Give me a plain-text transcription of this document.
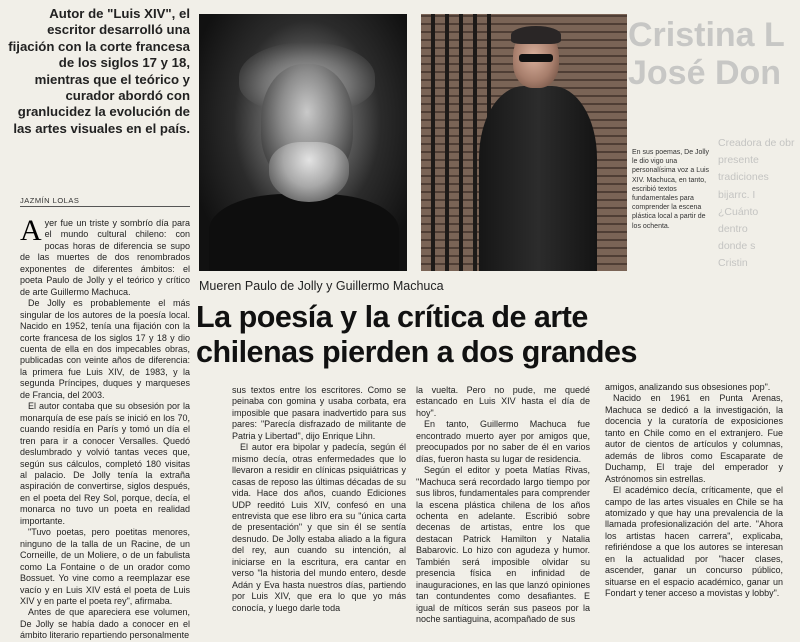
Cristina L
José Don
Creadora de obr
presente
tradiciones
bijarrc. I
¿Cuánto
dentro
donde s
Cristin
Autor de "Luis XIV", el escritor desarrolló una fijación con la corte francesa de los siglos 17 y 18, mientras que el teórico y curador abordó con granlucidez la evolución de las artes visuales en el país.
JAZMÍN LOLAS
En sus poemas, De Jolly le dio vigo una personalísima voz a Luis XIV. Machuca, en tanto, escribió textos fundamentales para comprender la escena plástica local a partir de los ochenta.
Mueren Paulo de Jolly y Guillermo Machuca
La poesía y la crítica de arte chilenas pierden a dos grandes

Ayer fue un triste y sombrío día para el mundo cultural chileno: con pocas horas de diferencia se supo de las muertes de dos renombrados exponentes de diferentes ámbitos: el poeta Paulo de Jolly y el teórico y crítico de arte Guillermo Machuca.

De Jolly es probablemente el más singular de los autores de la poesía local. Nacido en 1952, tenía una fijación con la corte francesa de los siglos 17 y 18 y dio cuenta de ella en dos impecables obras, publicadas con veinte años de diferencia: la primera fue Luis XIV, de 1983, y la segunda Príncipes, duques y marqueses de Francia, del 2003.

El autor contaba que su obsesión por la monarquía de ese país se inició en los 70, cuando residía en París y tomó un día el tren para ir a conocer Versalles. Quedó deslumbrado y volvió tantas veces que, según sus cálculos, completó 180 visitas al palacio. De Jolly tenía la extraña aspiración de convertirse, siglos después, en el poeta del Rey Sol, porque, decía, el monarca no tuvo un poeta en realidad importante.

"Tuvo poetas, pero poetitas menores, ninguno de la talla de un Racine, de un Corneille, de un Moliere, o de un fabulista como La Fontaine o de un orador como Bossuet. Yo vine como a reemplazar ese vacío y en Luis XIV está el poeta de Luis XIV y en parte el poeta rey", afirmaba.

Antes de que apareciera ese volumen, De Jolly se había dado a conocer en el ámbito literario repartiendo personalmente

sus textos entre los escritores. Como se peinaba con gomina y usaba corbata, era imposible que pasara inadvertido para sus pares: "Parecía disfrazado de militante de Patria y Libertad", dijo Enrique Lihn.

El autor era bipolar y padecía, según él mismo decía, otras enfermedades que lo llevaron a residir en clínicas psiquiátricas y casas de reposo las últimas décadas de su vida. Hace dos años, cuando Ediciones UDP reeditó Luis XIV, confesó en una entrevista que ese libro era su "única carta de presentación" y que sin él se sentía desnudo. De Jolly estaba aliado a la figura del rey, aun cuando su intención, al iniciarse en la escritura, era cantar en verso "la historia del mundo entero, desde Adán y Eva hasta nuestros días, partiendo por Luis XIV, que era lo que yo más conocía, y luego darle toda

la vuelta. Pero no pude, me quedé estancado en Luis XIV hasta el día de hoy".

En tanto, Guillermo Machuca fue encontrado muerto ayer por amigos que, preocupados por no saber de él en varios días, fueron hasta su lugar de residencia.

Según el editor y poeta Matías Rivas, "Machuca será recordado largo tiempo por sus libros, fundamentales para comprender la escena plástica chilena de los años ochenta en adelante. Escribió sobre decenas de artistas, entre los que destacan Patrick Hamilton y Natalia Babarovic. Lo hizo con agudeza y humor. También será imposible olvidar su presencia física en infinidad de inauguraciones, en las que lanzó opiniones tan contundentes como desafiantes. E igual de míticos serán sus paseos por la noche santiaguina, acompañado de sus

amigos, analizando sus obsesiones pop".

Nacido en 1961 en Punta Arenas, Machuca se dedicó a la investigación, la docencia y la curatoría de exposiciones tanto en Chile como en el extranjero. Fue autor de cientos de artículos y columnas, además de libros como Escaparate de Duchamp, El traje del emperador y Astrónomos sin estrellas.

El académico decía, críticamente, que el campo de las artes visuales en Chile se ha atomizado y que hay una prevalencia de la llamada profesionalización del arte. "Ahora los artistas hacen carrera", explicaba, refiriéndose a que los autores se interesan en la actualidad por "hacer clases, ascender, ganar un concurso público, situarse en el espacio académico, ganar un Fondart y tener acceso a movistas y lobby".
